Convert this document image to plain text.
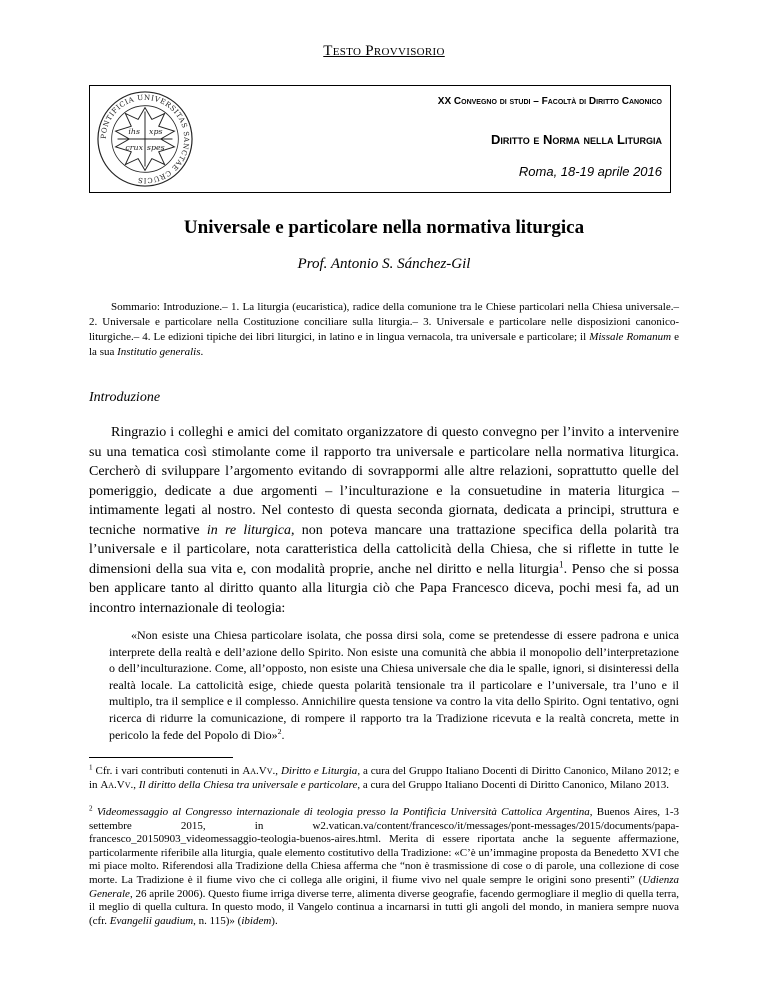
Testo Provvisorio
PONTIFICIA UNIVERSITAS SANCTAE CRUCIS
ihs xps
crux spes
XX Convegno di studi – Facoltà di Diritto Canonico
Diritto e Norma nella Liturgia
Roma, 18-19 aprile 2016
Universale e particolare nella normativa liturgica
Prof. Antonio S. Sánchez-Gil
Sommario: Introduzione.– 1. La liturgia (eucaristica), radice della comunione tra le Chiese particolari nella Chiesa universale.– 2. Universale e particolare nella Costituzione conciliare sulla liturgia.– 3. Universale e particolare nelle disposizioni canonico-liturgiche.– 4. Le edizioni tipiche dei libri liturgici, in latino e in lingua vernacola, tra universale e particolare; il Missale Romanum e la sua Institutio generalis.
Introduzione
Ringrazio i colleghi e amici del comitato organizzatore di questo convegno per l’invito a intervenire su una tematica così stimolante come il rapporto tra universale e particolare nella normativa liturgica. Cercherò di sviluppare l’argomento evitando di sovrappormi alle altre relazioni, soprattutto quelle del pomeriggio, dedicate a due argomenti – l’inculturazione e la consuetudine in materia liturgica – intimamente legati al nostro. Nel contesto di questa seconda giornata, dedicata a principi, struttura e tecniche normative in re liturgica, non poteva mancare una trattazione specifica della polarità tra l’universale e il particolare, nota caratteristica della cattolicità della Chiesa, che si riflette in tutte le dimensioni della sua vita e, con modalità proprie, anche nel diritto e nella liturgia$^1$. Penso che si possa ben applicare tanto al diritto quanto alla liturgia ciò che Papa Francesco diceva, pochi mesi fa, ad un incontro internazionale di teologia:
«Non esiste una Chiesa particolare isolata, che possa dirsi sola, come se pretendesse di essere padrona e unica interprete della realtà e dell’azione dello Spirito. Non esiste una comunità che abbia il monopolio dell’interpretazione o dell’inculturazione. Come, all’opposto, non esiste una Chiesa universale che dia le spalle, ignori, si disinteressi della realtà locale. La cattolicità esige, chiede questa polarità tensionale tra il particolare e l’universale, tra l’uno e il multiplo, tra il semplice e il complesso. Annichilire questa tensione va contro la vita dello Spirito. Ogni tentativo, ogni ricerca di ridurre la comunicazione, di rompere il rapporto tra la Tradizione ricevuta e la realtà concreta, mette in pericolo la fede del Popolo di Dio»$^2$.
$^1$ Cfr. i vari contributi contenuti in Aa.Vv., Diritto e Liturgia, a cura del Gruppo Italiano Docenti di Diritto Canonico, Milano 2012; e in Aa.Vv., Il diritto della Chiesa tra universale e particolare, a cura del Gruppo Italiano Docenti di Diritto Canonico, Milano 2013.
$^2$ Videomessaggio al Congresso internazionale di teologia presso la Pontificia Università Cattolica Argentina, Buenos Aires, 1-3 settembre 2015, in w2.vatican.va/content/francesco/it/messages/pont-messages/2015/documents/papa-francesco_20150903_videomessaggio-teologia-buenos-aires.html. Merita di essere riportata anche la seguente affermazione, particolarmente riferibile alla liturgia, quale elemento costitutivo della Tradizione: «C’è un’immagine proposta da Benedetto XVI che mi piace molto. Riferendosi alla Tradizione della Chiesa afferma che “non è trasmissione di cose o di parole, una collezione di cose morte. La Tradizione è il fiume vivo che ci collega alle origini, il fiume vivo nel quale sempre le origini sono presenti” (Udienza Generale, 26 aprile 2006). Questo fiume irriga diverse terre, alimenta diverse geografie, facendo germogliare il meglio di quella terra, il meglio di quella cultura. In questo modo, il Vangelo continua a incarnarsi in tutti gli angoli del mondo, in maniera sempre nuova (cfr. Evangelii gaudium, n. 115)» (ibidem).
